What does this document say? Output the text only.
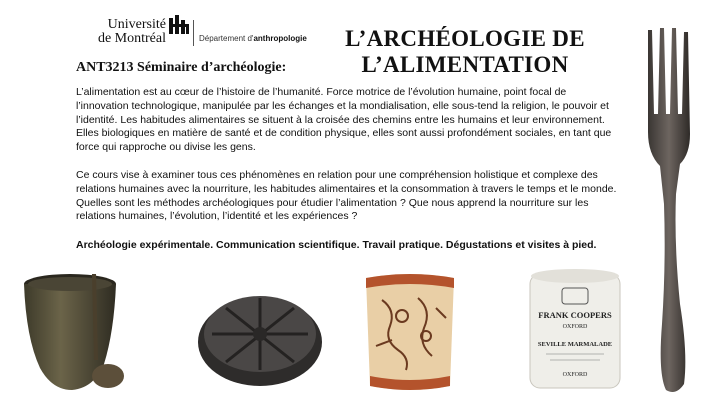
Université
de Montréal	Département d'anthropologie L’ARCHÉOLOGIE DE
L’ALIMENTATION
ANT3213 Séminaire d’archéologie:
L’alimentation est au cœur de l’histoire de l’humanité. Force motrice de l’évolution humaine, point focal de l’innovation technologique, manipulée par les échanges et la mondialisation, elle sous-tend la religion, le pouvoir et l’identité. Les habitudes alimentaires se situent à la croisée des chemins entre les humains et leur environnement. Elles biologiques en matière de santé et de condition physique, elles sont aussi profondément sociales, en tant que force qui rapproche ou divise les gens.
Ce cours vise à examiner tous ces phénomènes en relation pour une compréhension holistique et complexe des relations humaines avec la nourriture, les habitudes alimentaires et la consommation à travers le temps et le monde. Quelles sont les méthodes archéologiques pour étudier l’alimentation ? Que nous apprend la nourriture sur les relations humaines, l’évolution, l’identité et les expériences ?
Archéologie expérimentale. Communication scientifique. Travail pratique. Dégustations et visites à pied.
FRANK COOPERS
OXFORD
SEVILLE MARMALADE
OXFORD
